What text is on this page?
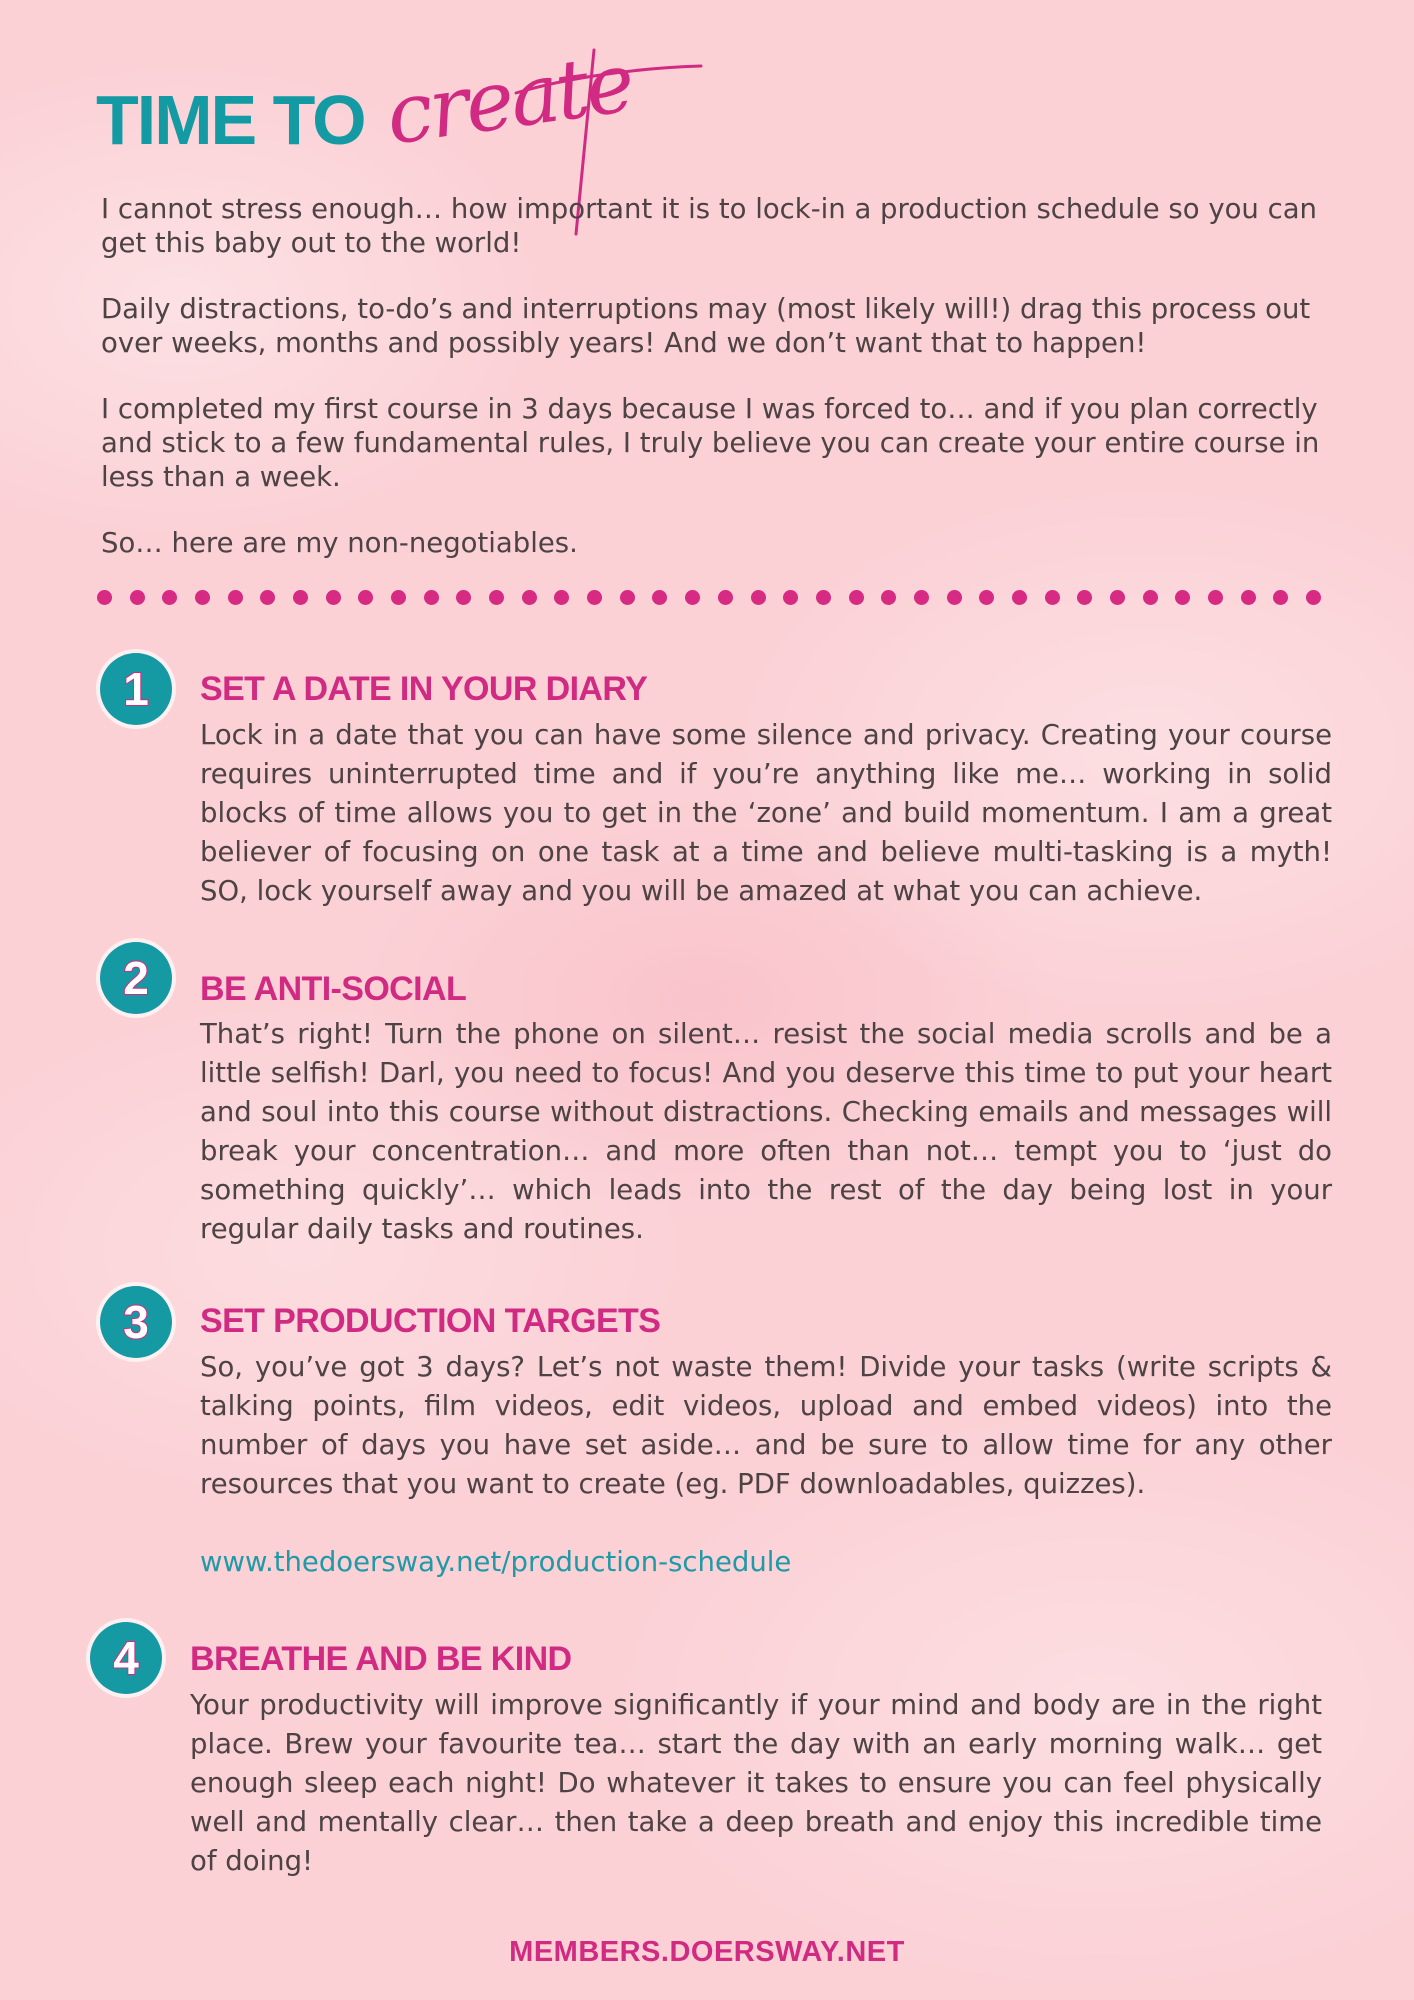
TIME TO create

I cannot stress enough… how important it is to lock-in a production schedule so you can get this baby out to the world!

Daily distractions, to-do’s and interruptions may (most likely will!) drag this process out over weeks, months and possibly years! And we don’t want that to happen!

I completed my first course in 3 days because I was forced to… and if you plan correctly and stick to a few fundamental rules, I truly believe you can create your entire course in less than a week.

So… here are my non-negotiables.

1 SET A DATE IN YOUR DIARY

Lock in a date that you can have some silence and privacy. Creating your course requires uninterrupted time and if you’re anything like me… working in solid blocks of time allows you to get in the ‘zone’ and build momentum. I am a great believer of focusing on one task at a time and believe multi-tasking is a myth! SO, lock yourself away and you will be amazed at what you can achieve.

2 BE ANTI-SOCIAL

That’s right! Turn the phone on silent… resist the social media scrolls and be a little selfish! Darl, you need to focus! And you deserve this time to put your heart and soul into this course without distractions. Checking emails and messages will break your concentration… and more often than not… tempt you to ‘just do something quickly’… which leads into the rest of the day being lost in your regular daily tasks and routines.

3 SET PRODUCTION TARGETS

So, you’ve got 3 days? Let’s not waste them! Divide your tasks (write scripts & talking points, film videos, edit videos, upload and embed videos) into the number of days you have set aside… and be sure to allow time for any other resources that you want to create (eg. PDF downloadables, quizzes).

www.thedoersway.net/production-schedule
4 BREATHE AND BE KIND

Your productivity will improve significantly if your mind and body are in the right place. Brew your favourite tea… start the day with an early morning walk… get enough sleep each night! Do whatever it takes to ensure you can feel physically well and mentally clear… then take a deep breath and enjoy this incredible time of doing!

MEMBERS.DOERSWAY.NET
